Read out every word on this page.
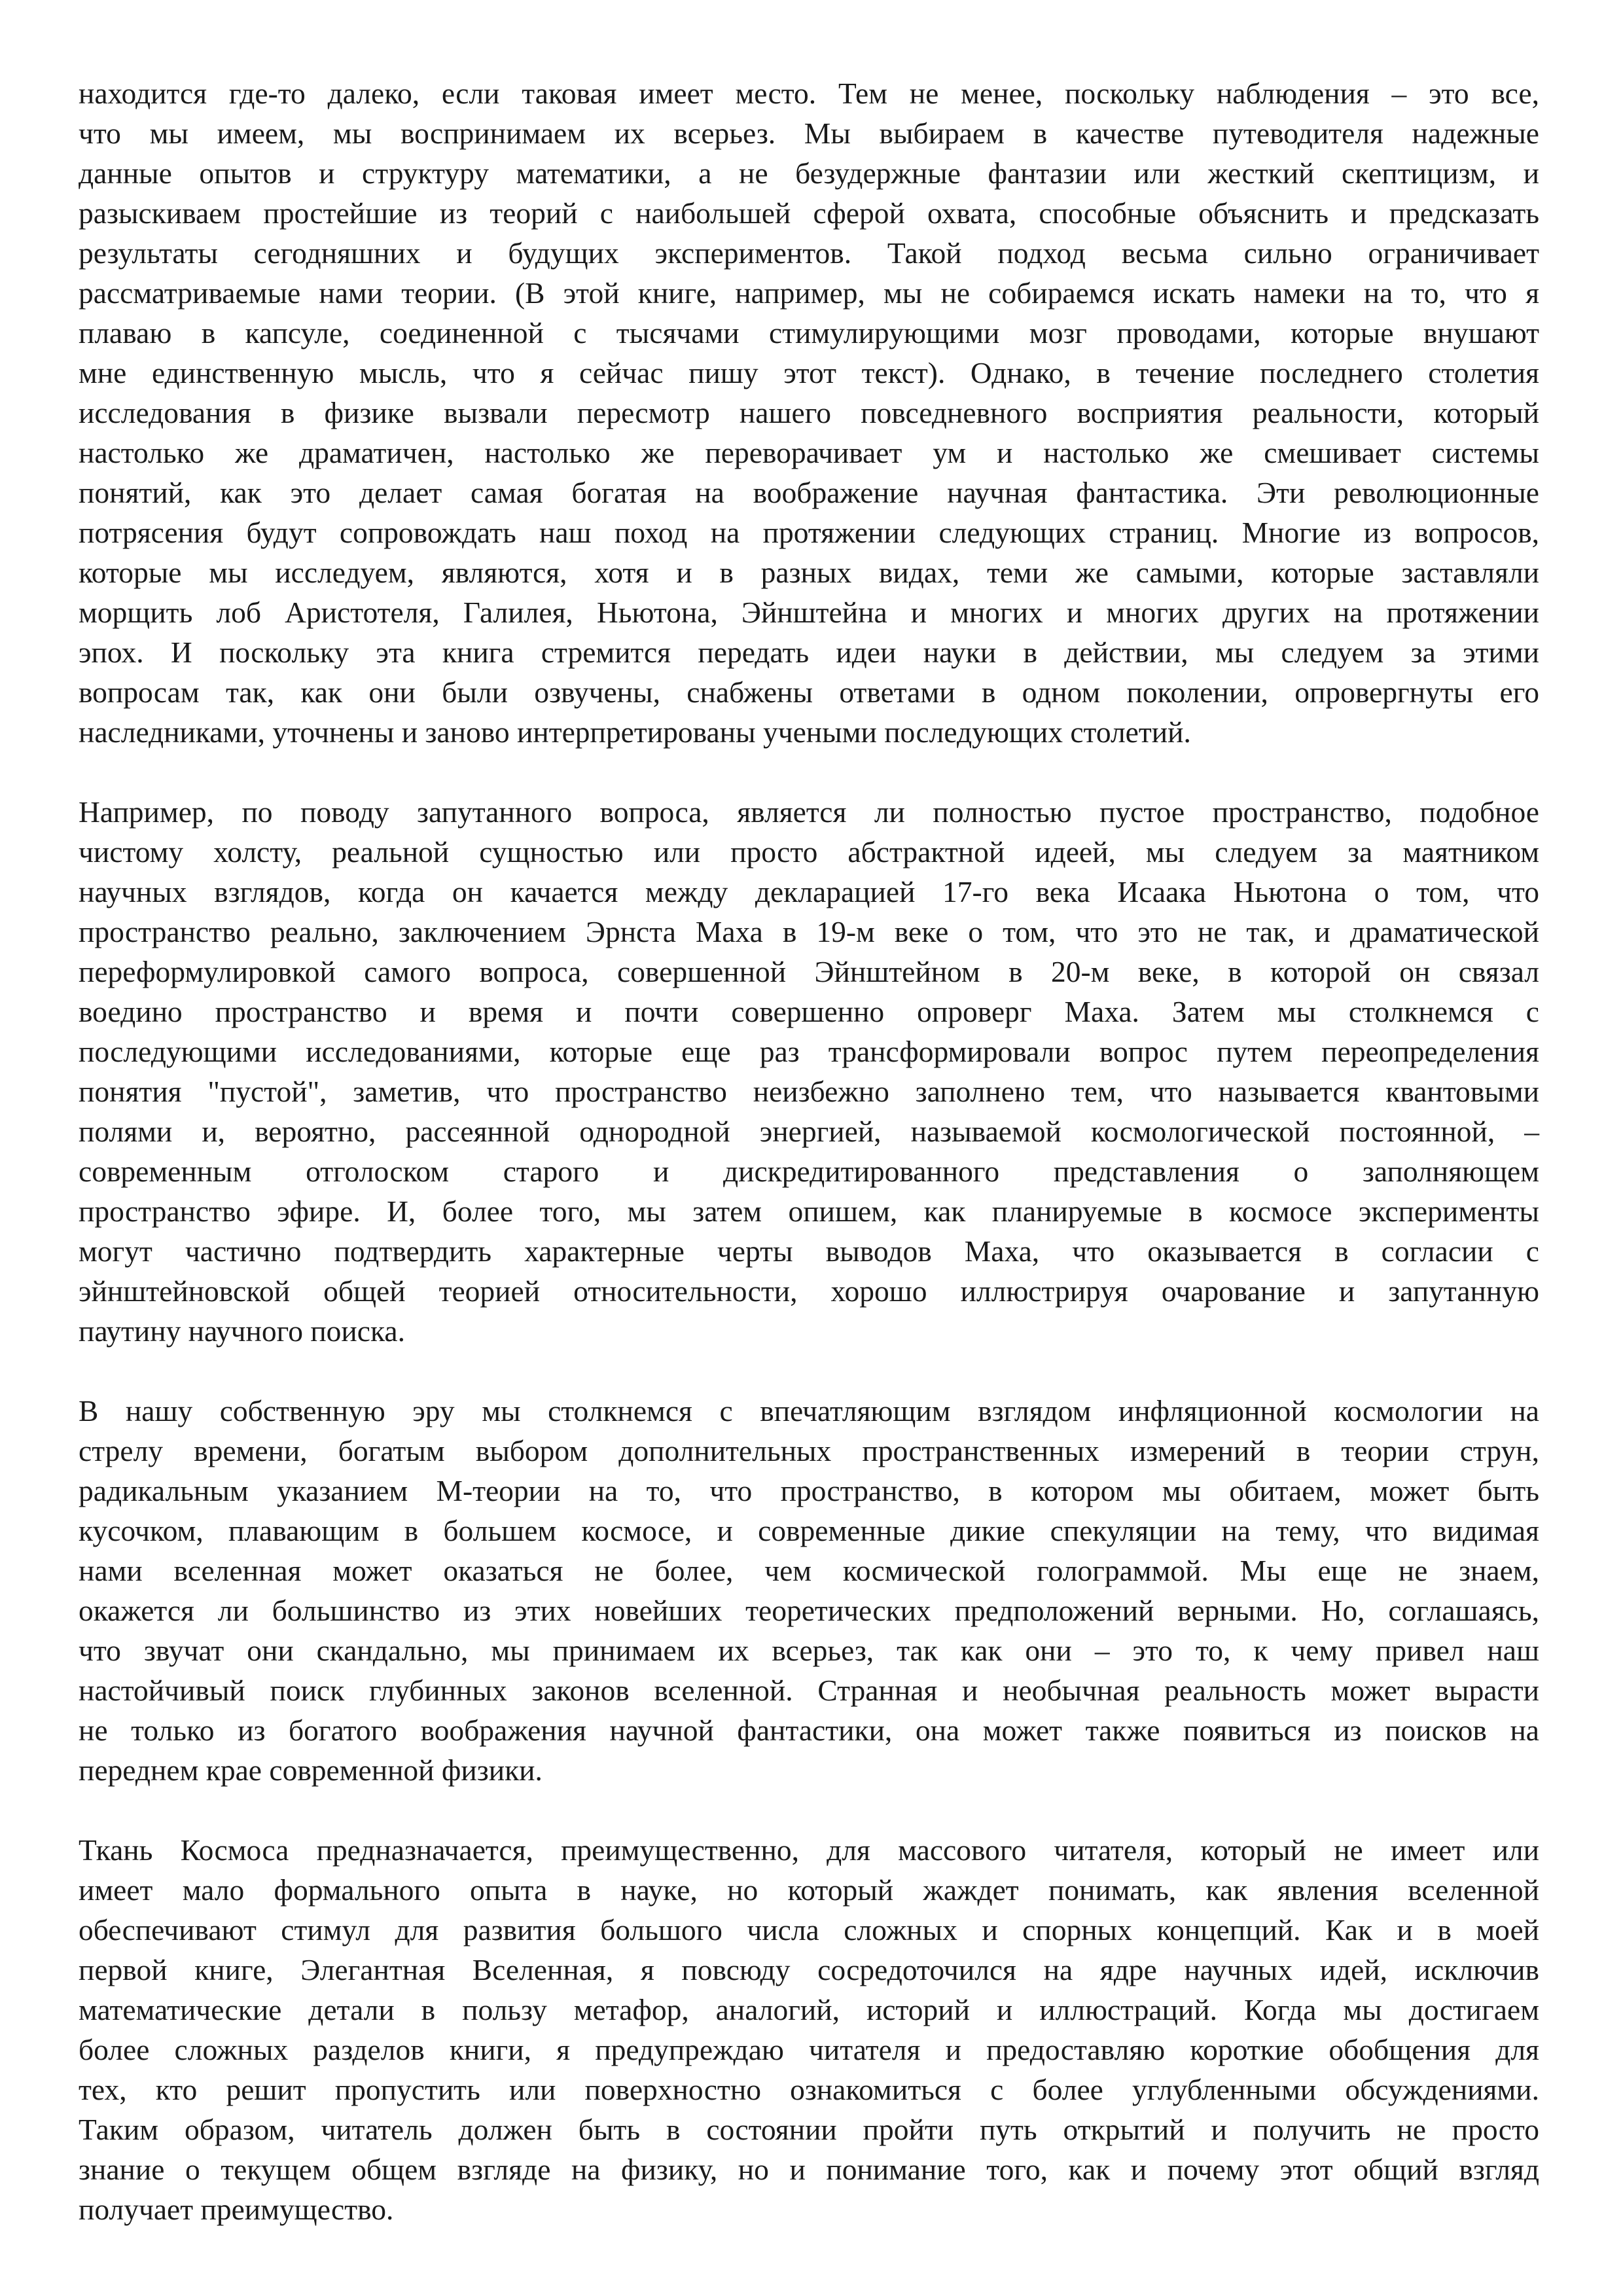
находится где-то далеко, если таковая имеет место. Тем не менее, поскольку наблюдения – это все,
что мы имеем, мы воспринимаем их всерьез. Мы выбираем в качестве путеводителя надежные
данные опытов и структуру математики, а не безудержные фантазии или жесткий скептицизм, и
разыскиваем простейшие из теорий с наибольшей сферой охвата, способные объяснить и предсказать
результаты сегодняшних и будущих экспериментов. Такой подход весьма сильно ограничивает
рассматриваемые нами теории. (В этой книге, например, мы не собираемся искать намеки на то, что я
плаваю в капсуле, соединенной с тысячами стимулирующими мозг проводами, которые внушают
мне единственную мысль, что я сейчас пишу этот текст). Однако, в течение последнего столетия
исследования в физике вызвали пересмотр нашего повседневного восприятия реальности, который
настолько же драматичен, настолько же переворачивает ум и настолько же смешивает системы
понятий, как это делает самая богатая на воображение научная фантастика. Эти революционные
потрясения будут сопровождать наш поход на протяжении следующих страниц. Многие из вопросов,
которые мы исследуем, являются, хотя и в разных видах, теми же самыми, которые заставляли
морщить лоб Аристотеля, Галилея, Ньютона, Эйнштейна и многих и многих других на протяжении
эпох. И поскольку эта книга стремится передать идеи науки в действии, мы следуем за этими
вопросам так, как они были озвучены, снабжены ответами в одном поколении, опровергнуты его
наследниками, уточнены и заново интерпретированы учеными последующих столетий.
Например, по поводу запутанного вопроса, является ли полностью пустое пространство, подобное
чистому холсту, реальной сущностью или просто абстрактной идеей, мы следуем за маятником
научных взглядов, когда он качается между декларацией 17-го века Исаака Ньютона о том, что
пространство реально, заключением Эрнста Маха в 19-м веке о том, что это не так, и драматической
переформулировкой самого вопроса, совершенной Эйнштейном в 20-м веке, в которой он связал
воедино пространство и время и почти совершенно опроверг Маха. Затем мы столкнемся с
последующими исследованиями, которые еще раз трансформировали вопрос путем переопределения
понятия "пустой", заметив, что пространство неизбежно заполнено тем, что называется квантовыми
полями и, вероятно, рассеянной однородной энергией, называемой космологической постоянной, –
современным отголоском старого и дискредитированного представления о заполняющем
пространство эфире. И, более того, мы затем опишем, как планируемые в космосе эксперименты
могут частично подтвердить характерные черты выводов Маха, что оказывается в согласии с
эйнштейновской общей теорией относительности, хорошо иллюстрируя очарование и запутанную
паутину научного поиска.
В нашу собственную эру мы столкнемся с впечатляющим взглядом инфляционной космологии на
стрелу времени, богатым выбором дополнительных пространственных измерений в теории струн,
радикальным указанием М-теории на то, что пространство, в котором мы обитаем, может быть
кусочком, плавающим в большем космосе, и современные дикие спекуляции на тему, что видимая
нами вселенная может оказаться не более, чем космической голограммой. Мы еще не знаем,
окажется ли большинство из этих новейших теоретических предположений верными. Но, соглашаясь,
что звучат они скандально, мы принимаем их всерьез, так как они – это то, к чему привел наш
настойчивый поиск глубинных законов вселенной. Странная и необычная реальность может вырасти
не только из богатого воображения научной фантастики, она может также появиться из поисков на
переднем крае современной физики.
Ткань Космоса предназначается, преимущественно, для массового читателя, который не имеет или
имеет мало формального опыта в науке, но который жаждет понимать, как явления вселенной
обеспечивают стимул для развития большого числа сложных и спорных концепций. Как и в моей
первой книге, Элегантная Вселенная, я повсюду сосредоточился на ядре научных идей, исключив
математические детали в пользу метафор, аналогий, историй и иллюстраций. Когда мы достигаем
более сложных разделов книги, я предупреждаю читателя и предоставляю короткие обобщения для
тех, кто решит пропустить или поверхностно ознакомиться с более углубленными обсуждениями.
Таким образом, читатель должен быть в состоянии пройти путь открытий и получить не просто
знание о текущем общем взгляде на физику, но и понимание того, как и почему этот общий взгляд
получает преимущество.
